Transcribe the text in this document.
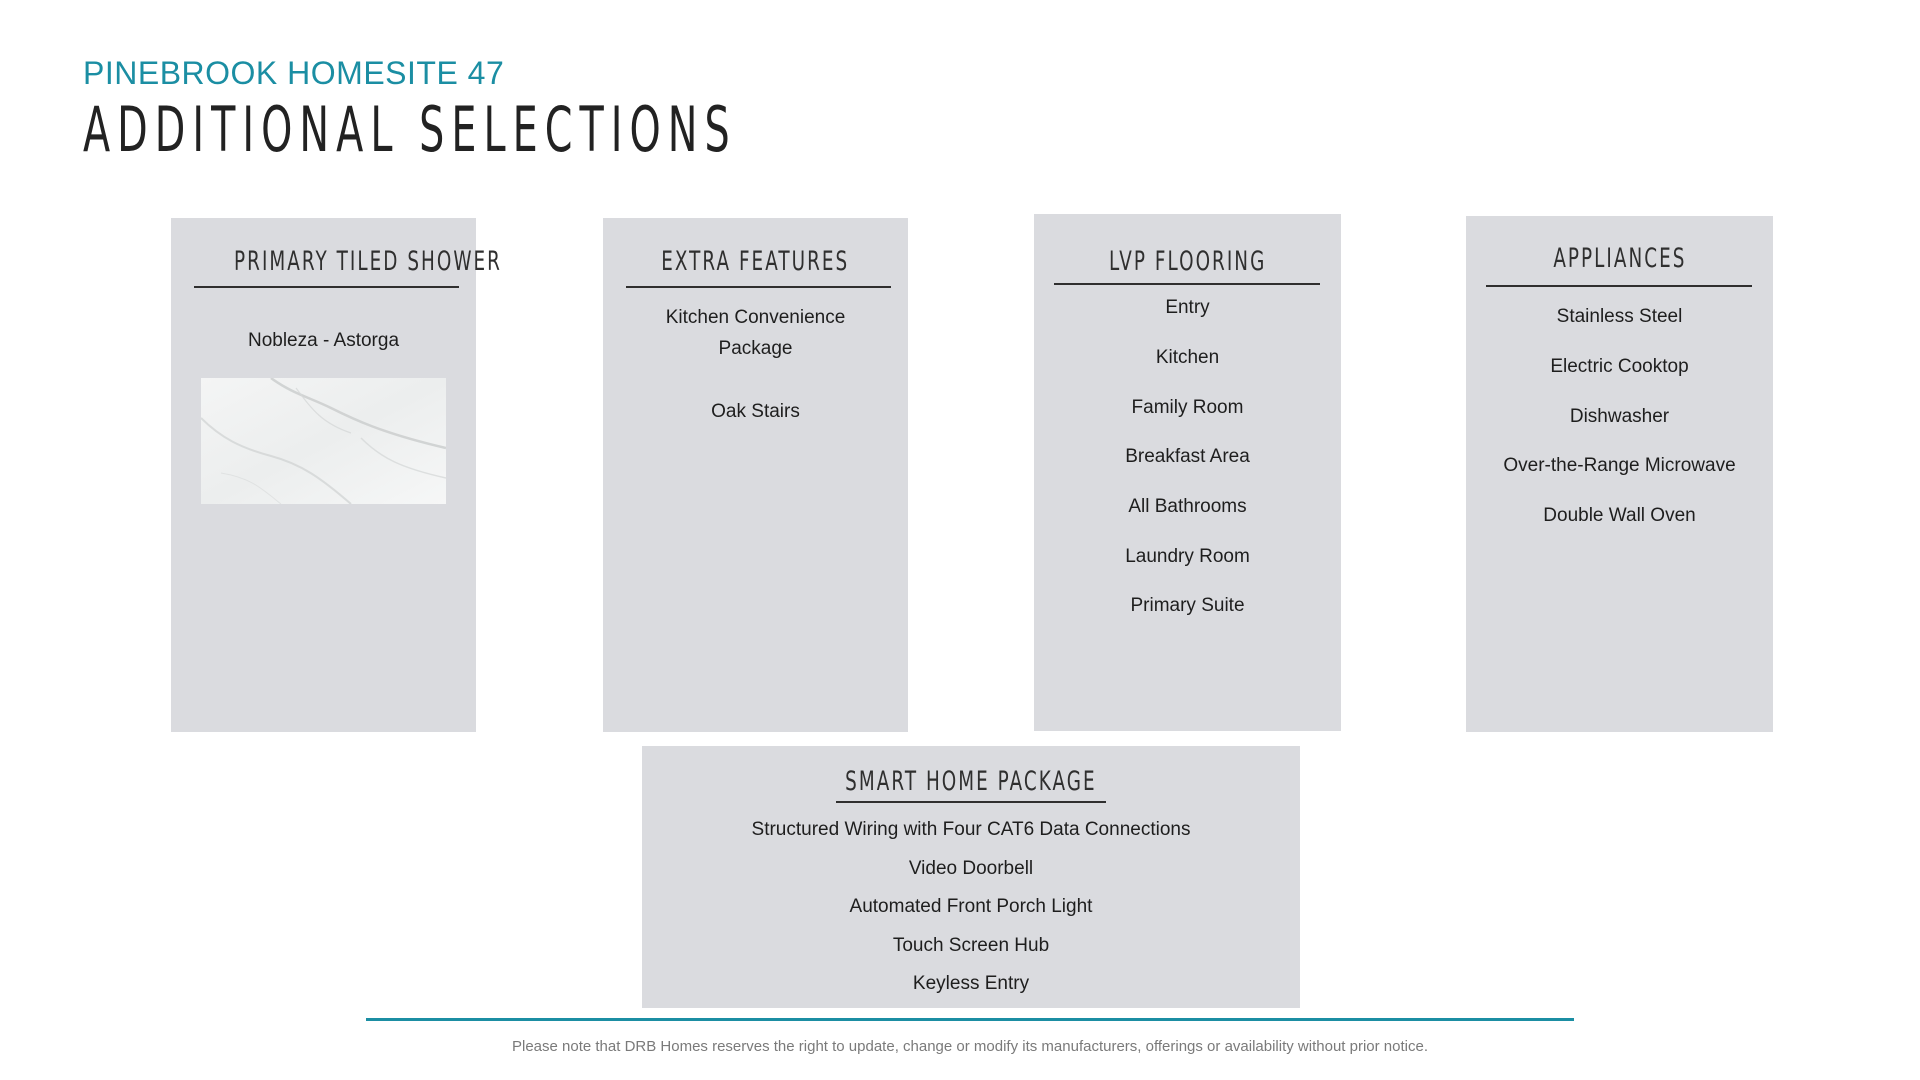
PINEBROOK HOMESITE 47
ADDITIONAL SELECTIONS
PRIMARY TILED SHOWER
Nobleza - Astorga
EXTRA FEATURES
Kitchen Convenience
Package
Oak Stairs
LVP FLOORING
Entry
Kitchen
Family Room
Breakfast Area
All Bathrooms
Laundry Room
Primary Suite
APPLIANCES
Stainless Steel
Electric Cooktop
Dishwasher
Over-the-Range Microwave
Double Wall Oven
SMART HOME PACKAGE
Structured Wiring with Four CAT6 Data Connections
Video Doorbell
Automated Front Porch Light
Touch Screen Hub
Keyless Entry
Please note that DRB Homes reserves the right to update, change or modify its manufacturers, offerings or availability without prior notice.
